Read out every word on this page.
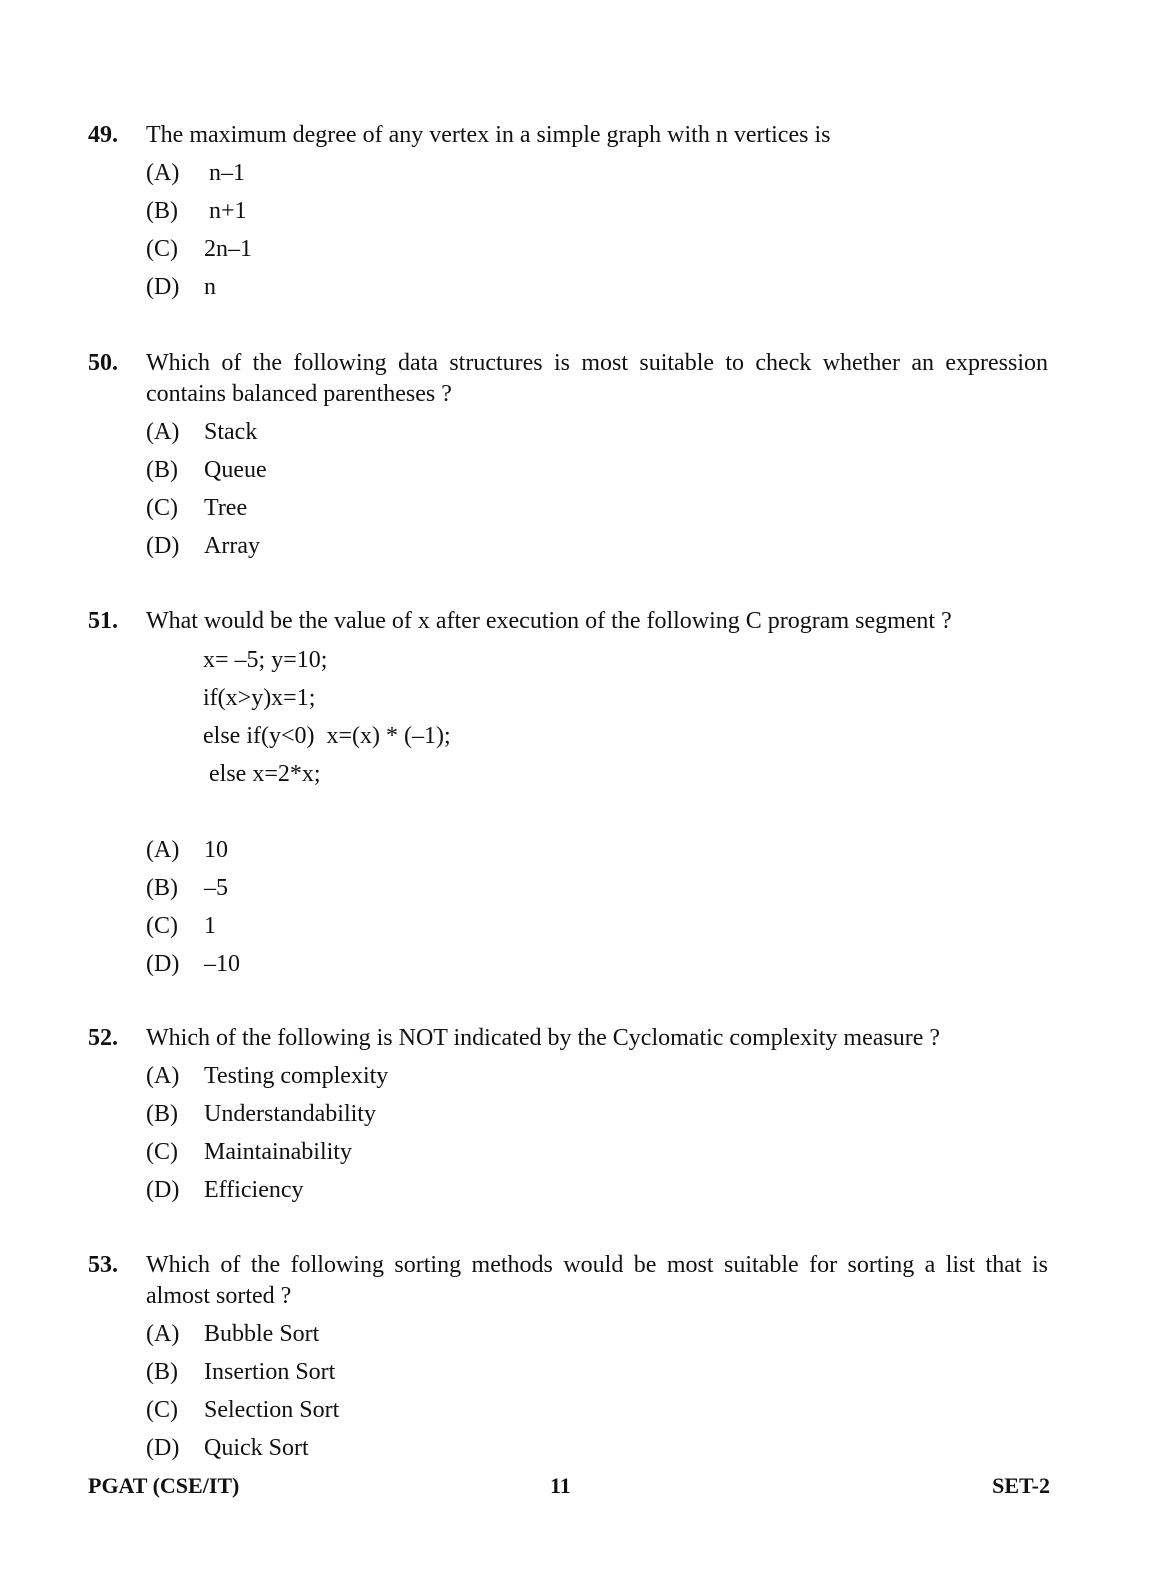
49. The maximum degree of any vertex in a simple graph with n vertices is
(A) n–1
(B) n+1
(C) 2n–1
(D) n
50. Which of the following data structures is most suitable to check whether an expression contains balanced parentheses ?
(A) Stack
(B) Queue
(C) Tree
(D) Array
51. What would be the value of x after execution of the following C program segment ?
x= –5; y=10;
if(x>y)x=1;
else if(y<0)  x=(x) * (–1);
else x=2*x;
(A) 10
(B) –5
(C) 1
(D) –10
52. Which of the following is NOT indicated by the Cyclomatic complexity measure ?
(A) Testing complexity
(B) Understandability
(C) Maintainability
(D) Efficiency
53. Which of the following sorting methods would be most suitable for sorting a list that is almost sorted ?
(A) Bubble Sort
(B) Insertion Sort
(C) Selection Sort
(D) Quick Sort
PGAT (CSE/IT)	11	SET-2
